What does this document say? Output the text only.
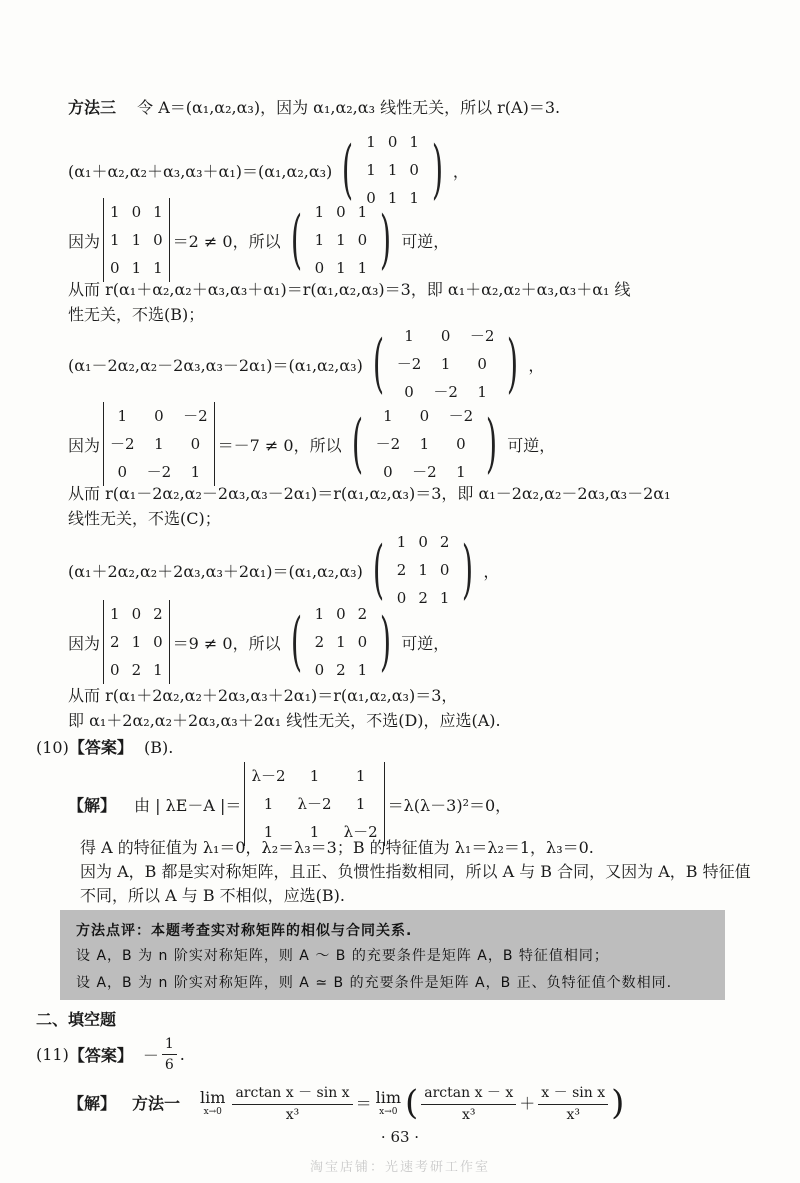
方法三 令 A＝(α₁,α₂,α₃)，因为 α₁,α₂,α₃ 线性无关，所以 r(A)＝3.
(α₁＋α₂,α₂＋α₃,α₃＋α₁)＝(α₁,α₂,α₃) ( 1	0	1
1	1	0
0	1	1 ) ，
因为
1	0	1
1	1	0
0	1	1
＝2 ≠ 0，所以 ( 1	0	1
1	1	0
0	1	1 ) 可逆，
从而 r(α₁＋α₂,α₂＋α₃,α₃＋α₁)＝r(α₁,α₂,α₃)＝3，即 α₁＋α₂,α₂＋α₃,α₃＋α₁ 线
性无关，不选(B)；
(α₁－2α₂,α₂－2α₃,α₃－2α₁)＝(α₁,α₂,α₃) ( 1	0	－2
－2	1	0
0	－2	1 ) ，
因为
1	0	－2
－2	1	0
0	－2	1
＝－7 ≠ 0，所以 ( 1	0	－2
－2	1	0
0	－2	1 ) 可逆，
从而 r(α₁－2α₂,α₂－2α₃,α₃－2α₁)＝r(α₁,α₂,α₃)＝3，即 α₁－2α₂,α₂－2α₃,α₃－2α₁
线性无关，不选(C)；
(α₁＋2α₂,α₂＋2α₃,α₃＋2α₁)＝(α₁,α₂,α₃) ( 1	0	2
2	1	0
0	2	1 ) ，
因为
1	0	2
2	1	0
0	2	1
＝9 ≠ 0，所以 ( 1	0	2
2	1	0
0	2	1 ) 可逆，
从而 r(α₁＋2α₂,α₂＋2α₃,α₃＋2α₁)＝r(α₁,α₂,α₃)＝3，
即 α₁＋2α₂,α₂＋2α₃,α₃＋2α₁ 线性无关，不选(D)，应选(A).
(10)【答案】 (B).
【解】 由 | λE－A |＝
λ－2	1	1
1	λ－2	1
1	1	λ－2
＝λ(λ－3)²＝0，
得 A 的特征值为 λ₁＝0，λ₂＝λ₃＝3；B 的特征值为 λ₁＝λ₂＝1，λ₃＝0.
因为 A，B 都是实对称矩阵，且正、负惯性指数相同，所以 A 与 B 合同，又因为 A，B 特征值
不同，所以 A 与 B 不相似，应选(B).
方法点评：本题考查实对称矩阵的相似与合同关系.
设 A，B 为 n 阶实对称矩阵，则 A ～ B 的充要条件是矩阵 A，B 特征值相同；
设 A，B 为 n 阶实对称矩阵，则 A ≃ B 的充要条件是矩阵 A，B 正、负特征值个数相同.
二、填空题
(11) 【答案】 － $\frac{1}{6}$ .
【解】 方法一 lim
$x\to 0 \frac{\text{arctan x － sin x}}{\text{x³}} = \lim$
x→0 ( $\frac{\text{arctan x － x}}{\text{x³}} + \frac{\text{x － sin x}}{\text{x³}}$ )
· 63 ·
淘宝店铺：光速考研工作室
